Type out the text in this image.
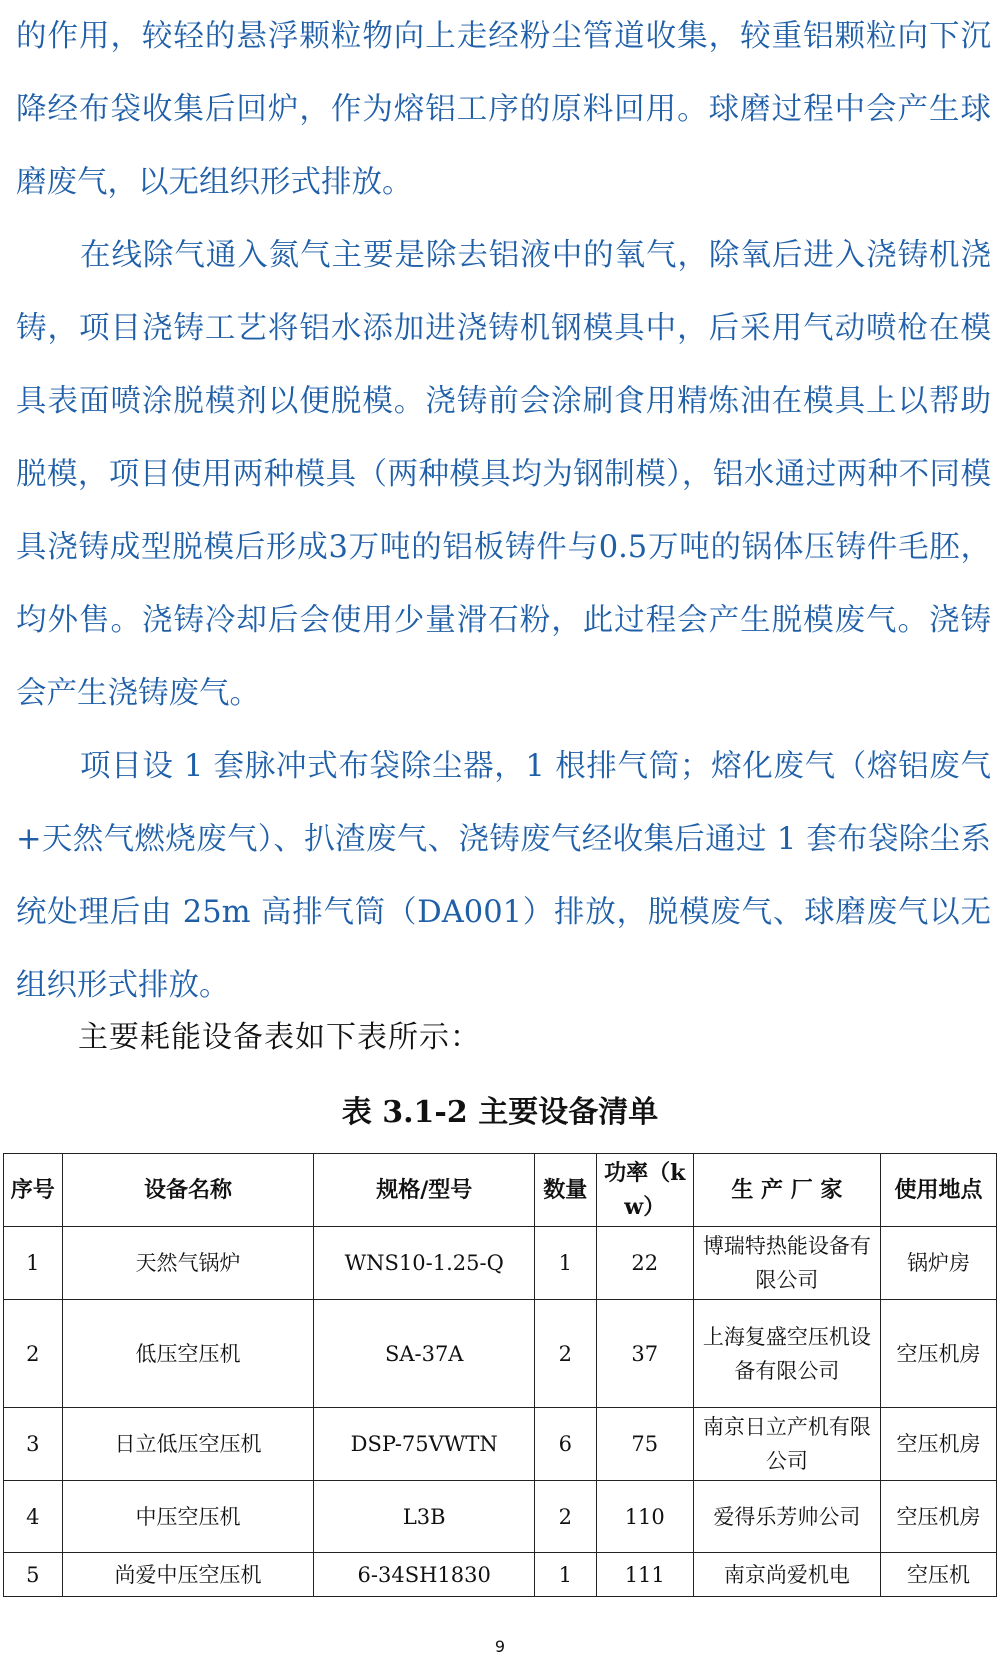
的作用，较轻的悬浮颗粒物向上走经粉尘管道收集，较重铝颗粒向下沉降经布袋收集后回炉，作为熔铝工序的原料回用。球磨过程中会产生球磨废气，以无组织形式排放。

在线除气通入氮气主要是除去铝液中的氧气，除氧后进入浇铸机浇铸，项目浇铸工艺将铝水添加进浇铸机钢模具中，后采用气动喷枪在模具表面喷涂脱模剂以便脱模。浇铸前会涂刷食用精炼油在模具上以帮助脱模，项目使用两种模具（两种模具均为钢制模），铝水通过两种不同模具浇铸成型脱模后形成3万吨的铝板铸件与0.5万吨的锅体压铸件毛胚，均外售。浇铸冷却后会使用少量滑石粉，此过程会产生脱模废气。浇铸会产生浇铸废气。

项目设 1 套脉冲式布袋除尘器，1 根排气筒；熔化废气（熔铝废气+天然气燃烧废气）、扒渣废气、浇铸废气经收集后通过 1 套布袋除尘系统处理后由 25m 高排气筒（DA001）排放，脱模废气、球磨废气以无组织形式排放。

主要耗能设备表如下表所示：
表 3.1-2 主要设备清单
序号	设备名称	规格/型号	数量	功率（kw）	生 产 厂 家	使用地点
1	天然气锅炉	WNS10-1.25-Q	1	22	博瑞特热能设备有限公司	锅炉房
2	低压空压机	SA-37A	2	37	上海复盛空压机设备有限公司	空压机房
3	日立低压空压机	DSP-75VWTN	6	75	南京日立产机有限公司	空压机房
4	中压空压机	L3B	2	110	爱得乐芳帅公司	空压机房
5	尚爱中压空压机	6-34SH1830	1	111	南京尚爱机电	空压机
9
